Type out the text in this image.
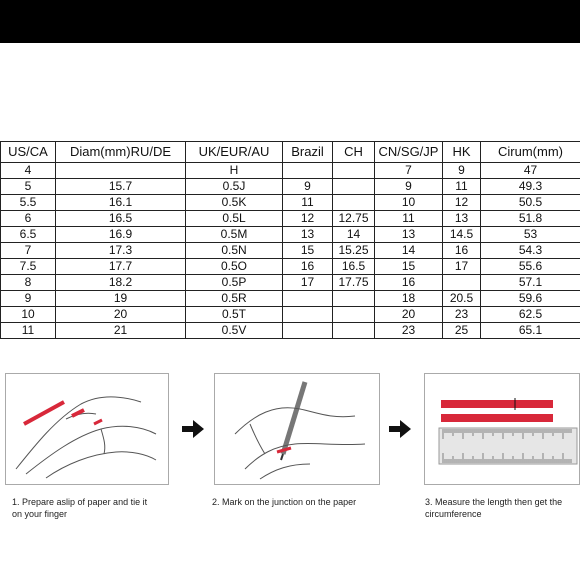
US/CA	Diam(mm)RU/DE	UK/EUR/AU	Brazil	CH	CN/SG/JP	HK	Cirum(mm)
4		H			7	9	47
5	15.7	0.5J	9		9	11	49.3
5.5	16.1	0.5K	11		10	12	50.5
6	16.5	0.5L	12	12.75	11	13	51.8
6.5	16.9	0.5M	13	14	13	14.5	53
7	17.3	0.5N	15	15.25	14	16	54.3
7.5	17.7	0.5O	16	16.5	15	17	55.6
8	18.2	0.5P	17	17.75	16		57.1
9	19	0.5R			18	20.5	59.6
10	20	0.5T			20	23	62.5
11	21	0.5V			23	25	65.1
1. Prepare aslip of paper and tie it
on your finger
2. Mark on the junction on the paper	3. Measure the length then get the
circumference
